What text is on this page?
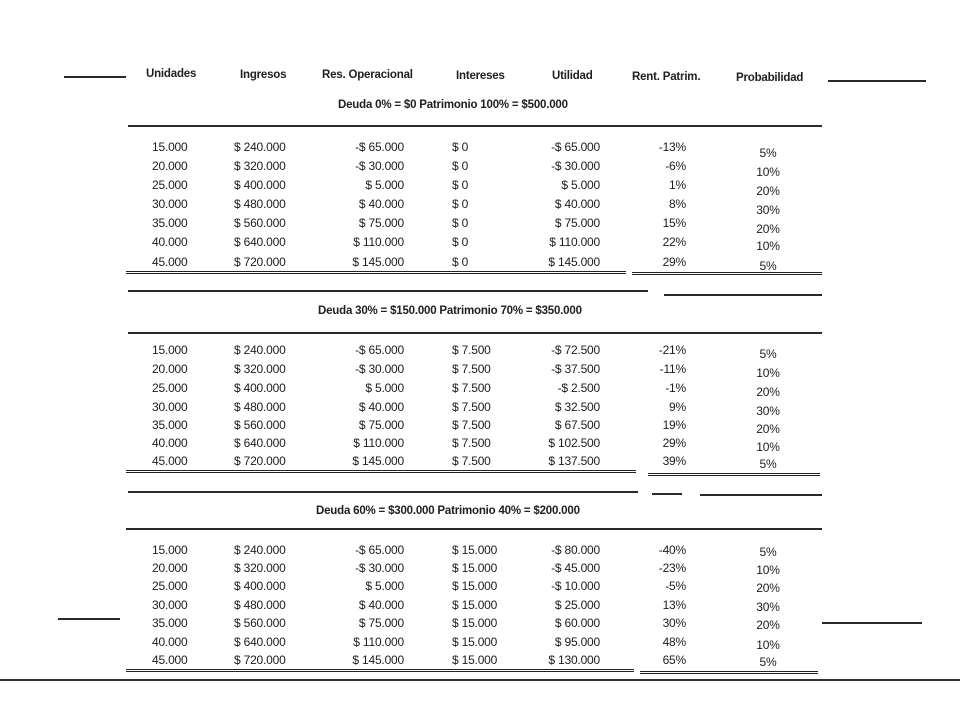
Unidades	Ingresos	Res. Operacional	Intereses	Utilidad	Rent. Patrim.	Probabilidad
Deuda 0% = $0 Patrimonio 100% = $500.000
15.000	$ 240.000	-$ 65.000	$ 0	-$ 65.000	-13%	5%
20.000	$ 320.000	-$ 30.000	$ 0	-$ 30.000	-6%	10%
25.000	$ 400.000	$ 5.000	$ 0	$ 5.000	1%	20%
30.000	$ 480.000	$ 40.000	$ 0	$ 40.000	8%	30%
35.000	$ 560.000	$ 75.000	$ 0	$ 75.000	15%	20%
40.000	$ 640.000	$ 110.000	$ 0	$ 110.000	22%	10%
45.000	$ 720.000	$ 145.000	$ 0	$ 145.000	29%	5%
Deuda 30% = $150.000 Patrimonio 70% = $350.000
15.000	$ 240.000	-$ 65.000	$ 7.500	-$ 72.500	-21%	5%
20.000	$ 320.000	-$ 30.000	$ 7.500	-$ 37.500	-11%	10%
25.000	$ 400.000	$ 5.000	$ 7.500	-$ 2.500	-1%	20%
30.000	$ 480.000	$ 40.000	$ 7.500	$ 32.500	9%	30%
35.000	$ 560.000	$ 75.000	$ 7.500	$ 67.500	19%	20%
40.000	$ 640.000	$ 110.000	$ 7.500	$ 102.500	29%	10%
45.000	$ 720.000	$ 145.000	$ 7.500	$ 137.500	39%	5%
Deuda 60% = $300.000 Patrimonio 40% = $200.000
15.000	$ 240.000	-$ 65.000	$ 15.000	-$ 80.000	-40%	5%
20.000	$ 320.000	-$ 30.000	$ 15.000	-$ 45.000	-23%	10%
25.000	$ 400.000	$ 5.000	$ 15.000	-$ 10.000	-5%	20%
30.000	$ 480.000	$ 40.000	$ 15.000	$ 25.000	13%	30%
35.000	$ 560.000	$ 75.000	$ 15.000	$ 60.000	30%	20%
40.000	$ 640.000	$ 110.000	$ 15.000	$ 95.000	48%	10%
45.000	$ 720.000	$ 145.000	$ 15.000	$ 130.000	65%	5%
